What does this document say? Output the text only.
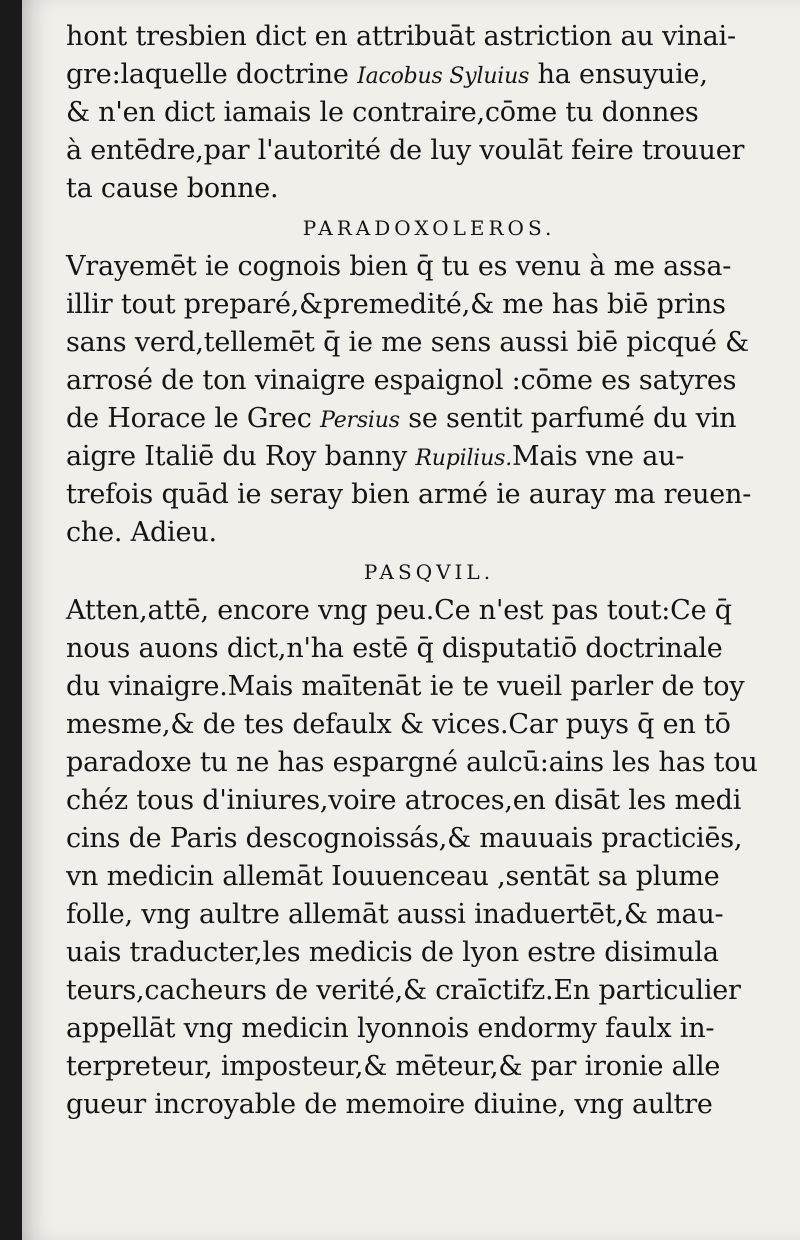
hont tresbien dict en attribuāt astriction au vinai-
gre:laquelle doctrine Iacobus Syluius ha ensuyuie,
& n'en dict iamais le contraire,cōme tu donnes
à entēdre,par l'autorité de luy voulāt feire trouuer
ta cause bonne.
PARADOXOLEROS.
Vrayemēt ie cognois bien q̄ tu es venu à me assa-
illir tout preparé,&premedité,& me has biē prins
sans verd,tellemēt q̄ ie me sens aussi biē picqué &
arrosé de ton vinaigre espaignol :cōme es satyres
de Horace le Grec Persius se sentit parfumé du vin
aigre Italiē du Roy banny Rupilius.Mais vne au-
trefois quād ie seray bien armé ie auray ma reuen-
che. Adieu.
PASQVIL.
Atten,attē, encore vng peu.Ce n'est pas tout:Ce q̄
nous auons dict,n'ha estē q̄ disputatiō doctrinale
du vinaigre.Mais maītenāt ie te vueil parler de toy
mesme,& de tes defaulx & vices.Car puys q̄ en tō
paradoxe tu ne has espargné aulcū:ains les has tou
chéz tous d'iniures,voire atroces,en disāt les medi
cins de Paris descognoissás,& mauuais practiciēs,
vn medicin allemāt Iouuenceau ,sentāt sa plume
folle, vng aultre allemāt aussi inaduertēt,& mau-
uais traducter,les medicis de lyon estre disimula
teurs,cacheurs de verité,& craīctifz.En particulier
appellāt vng medicin lyonnois endormy faulx in-
terpreteur, imposteur,& mēteur,& par ironie alle
gueur incroyable de memoire diuine, vng aultre
